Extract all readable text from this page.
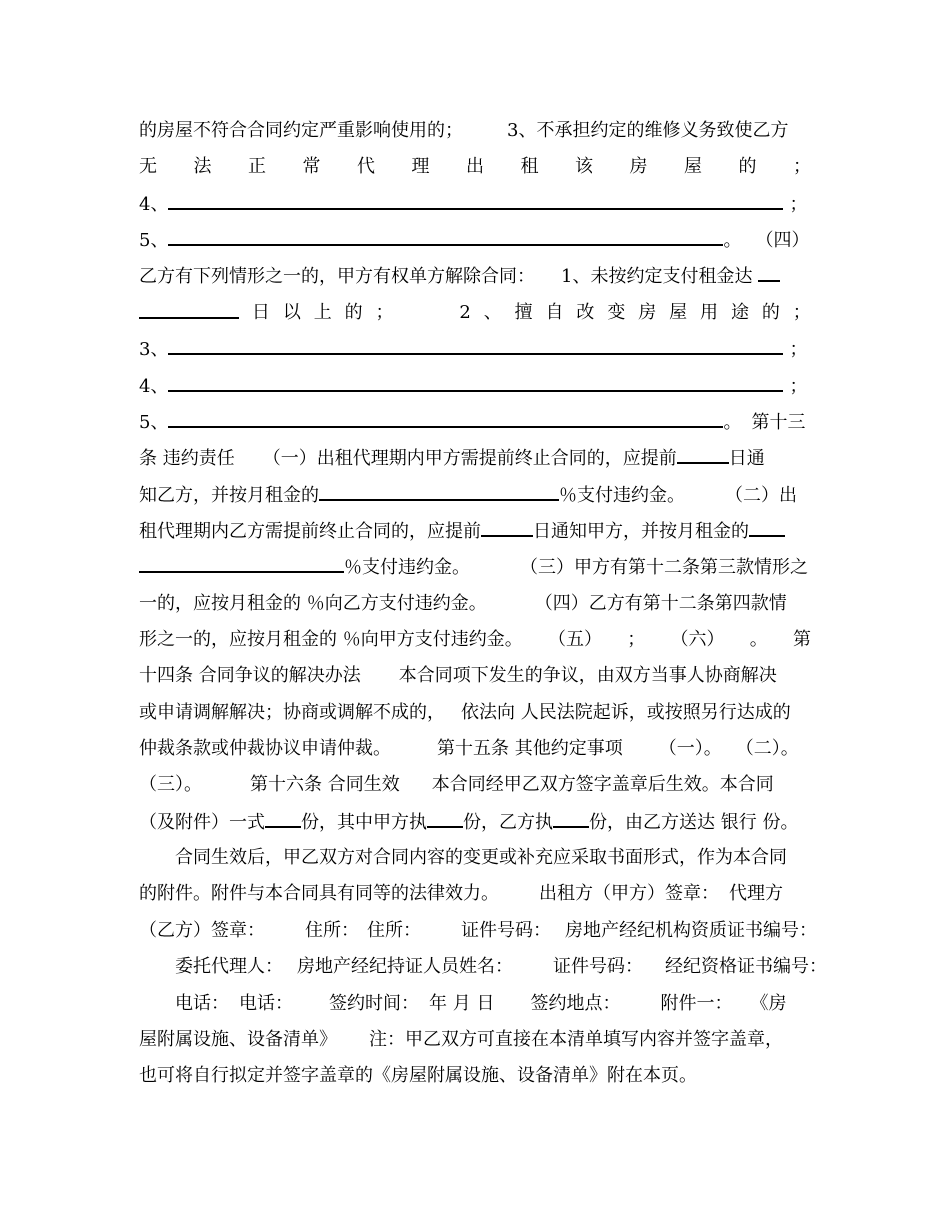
的房屋不符合合同约定严重影响使用的； 3、不承担约定的维修义务致使乙方
无 法 正 常 代 理 出 租 该 房 屋 的 ；
4、	；
5、	。 （四）
乙方有下列情形之一的，甲方有权单方解除合同： 1、未按约定支付租金达
日 以 上 的 ；	2 、 擅 自 改 变 房 屋 用 途 的 ；
3、	；
4、	；
5、	。 第十三
条 违约责任 （一）出租代理期内甲方需提前终止合同的，应提前	日通
知乙方，并按月租金的	％支付违约金。 （二）出
租代理期内乙方需提前终止合同的，应提前	日通知甲方，并按月租金的
％支付违约金。	（三）甲方有第十二条第三款情形之
一的，应按月租金的 ％向乙方支付违约金。	（四）乙方有第十二条第四款情
形之一的，应按月租金的 ％向甲方支付违约金。 （五） ； （六） 。 第
十四条 合同争议的解决办法 本合同项下发生的争议，由双方当事人协商解决
或申请调解解决；协商或调解不成的， 依法向 人民法院起诉，或按照另行达成的
仲裁条款或仲裁协议申请仲裁。	第十五条 其他约定事项 （一）。 （二）。
（三）。	第十六条 合同生效 本合同经甲乙双方签字盖章后生效。本合同
（及附件）一式 份，其中甲方执 份，乙方执 份，由乙方送达 银行 份。
合同生效后，甲乙双方对合同内容的变更或补充应采取书面形式，作为本合同
的附件。附件与本合同具有同等的法律效力。 出租方（甲方）签章： 代理方
（乙方）签章： 住所： 住所： 证件号码： 房地产经纪机构资质证书编号：
委托代理人： 房地产经纪持证人员姓名： 证件号码： 经纪资格证书编号：
电话： 电话： 签约时间： 年 月 日 签约地点： 附件一： 《房
屋附属设施、设备清单》 注：甲乙双方可直接在本清单填写内容并签字盖章，
也可将自行拟定并签字盖章的《房屋附属设施、设备清单》附在本页。
